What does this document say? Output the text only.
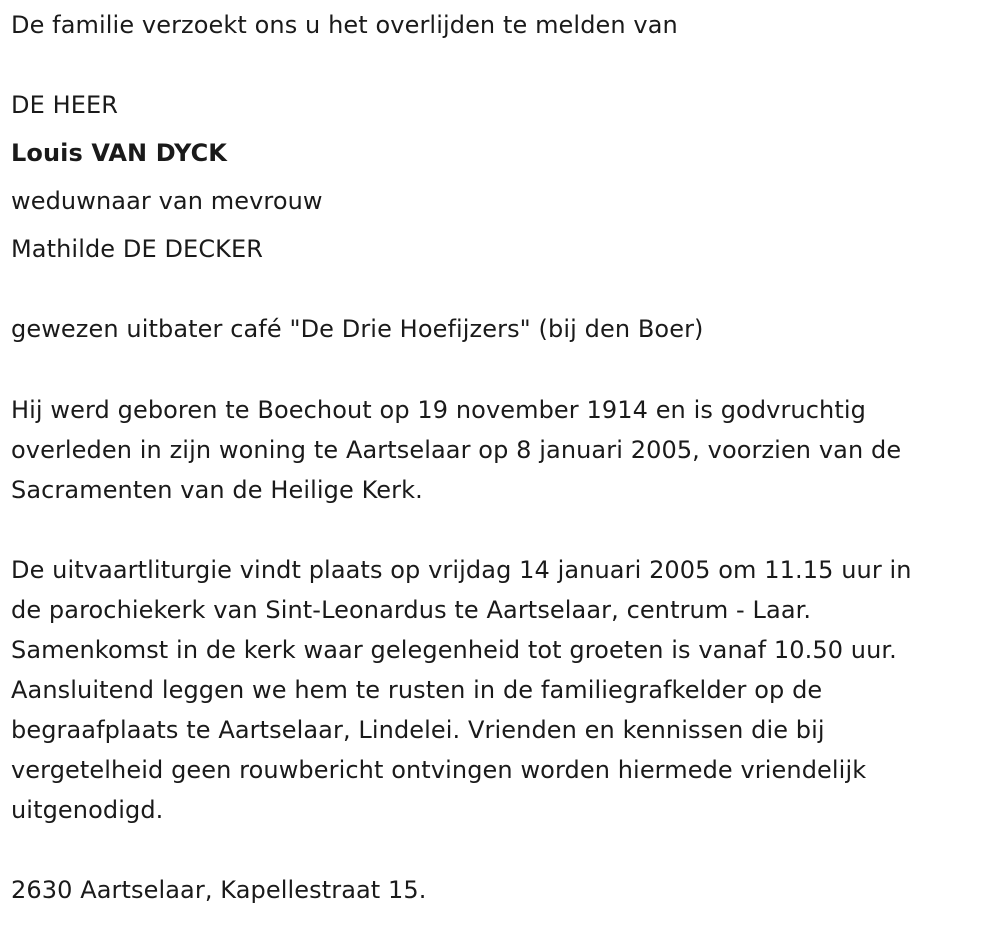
De familie verzoekt ons u het overlijden te melden van
DE HEER
Louis VAN DYCK
weduwnaar van mevrouw
Mathilde DE DECKER
gewezen uitbater café "De Drie Hoefijzers" (bij den Boer)
Hij werd geboren te Boechout op 19 november 1914 en is godvruchtig
overleden in zijn woning te Aartselaar op 8 januari 2005, voorzien van de
Sacramenten van de Heilige Kerk.
De uitvaartliturgie vindt plaats op vrijdag 14 januari 2005 om 11.15 uur in
de parochiekerk van Sint-Leonardus te Aartselaar, centrum - Laar.
Samenkomst in de kerk waar gelegenheid tot groeten is vanaf 10.50 uur.
Aansluitend leggen we hem te rusten in de familiegrafkelder op de
begraafplaats te Aartselaar, Lindelei. Vrienden en kennissen die bij
vergetelheid geen rouwbericht ontvingen worden hiermede vriendelijk
uitgenodigd.
2630 Aartselaar, Kapellestraat 15.
